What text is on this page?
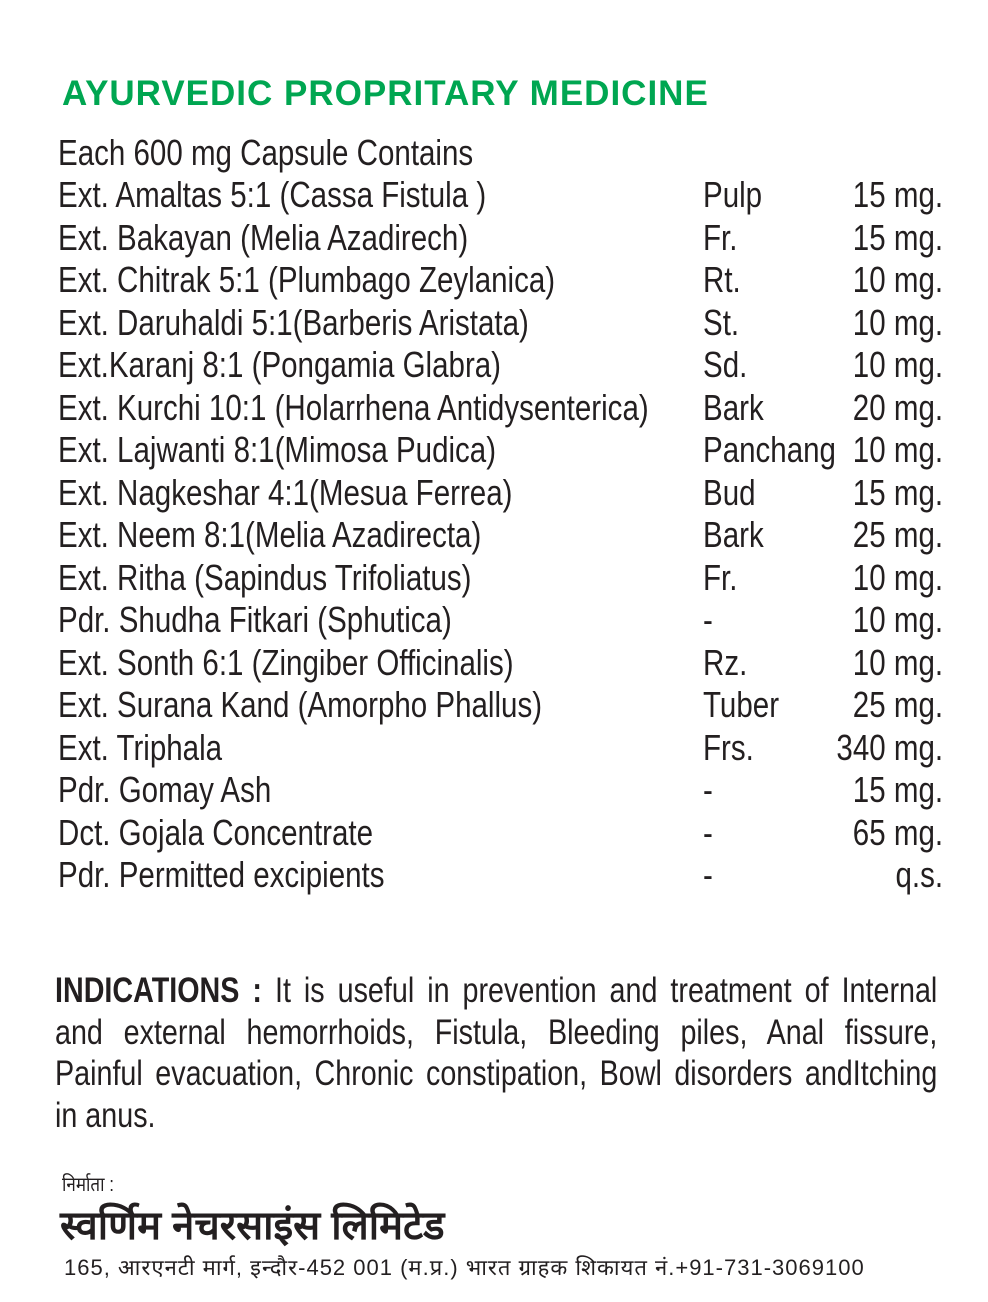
AYURVEDIC PROPRITARY MEDICINE
Each 600 mg Capsule Contains
Ext. Amaltas 5:1 (Cassa Fistula )	Pulp	15 mg.
Ext. Bakayan (Melia Azadirech)	Fr.	15 mg.
Ext. Chitrak 5:1 (Plumbago Zeylanica)	Rt.	10 mg.
Ext. Daruhaldi 5:1(Barberis Aristata)	St.	10 mg.
Ext.Karanj 8:1 (Pongamia Glabra)	Sd.	10 mg.
Ext. Kurchi 10:1 (Holarrhena Antidysenterica) Bark 20 mg.
Ext. Lajwanti 8:1(Mimosa Pudica)	Panchang 10 mg.
Ext. Nagkeshar 4:1(Mesua Ferrea)	Bud	15 mg.
Ext. Neem 8:1(Melia Azadirecta)	Bark 25 mg.
Ext. Ritha (Sapindus Trifoliatus)	Fr.	10 mg.
Pdr. Shudha Fitkari (Sphutica)	-	10 mg.
Ext. Sonth 6:1 (Zingiber Officinalis)	Rz.	10 mg.
Ext. Surana Kand (Amorpho Phallus)	Tuber 25 mg.
Ext. Triphala	Frs. 340 mg.
Pdr. Gomay Ash	-	15 mg.
Dct. Gojala Concentrate	-	65 mg.
Pdr. Permitted excipients	-	q.s.
INDICATIONS : It is useful in prevention and treatment of Internal and external hemorrhoids, Fistula, Bleeding piles, Anal fissure, Painful evacuation, Chronic constipation, Bowl disorders andItching in anus.
निर्माता :
स्वर्णिम नेचरसाइंस लिमिटेड
165, आरएनटी मार्ग, इन्दौर-452 001 (म.प्र.) भारत ग्राहक शिकायत नं.+91-731-3069100
